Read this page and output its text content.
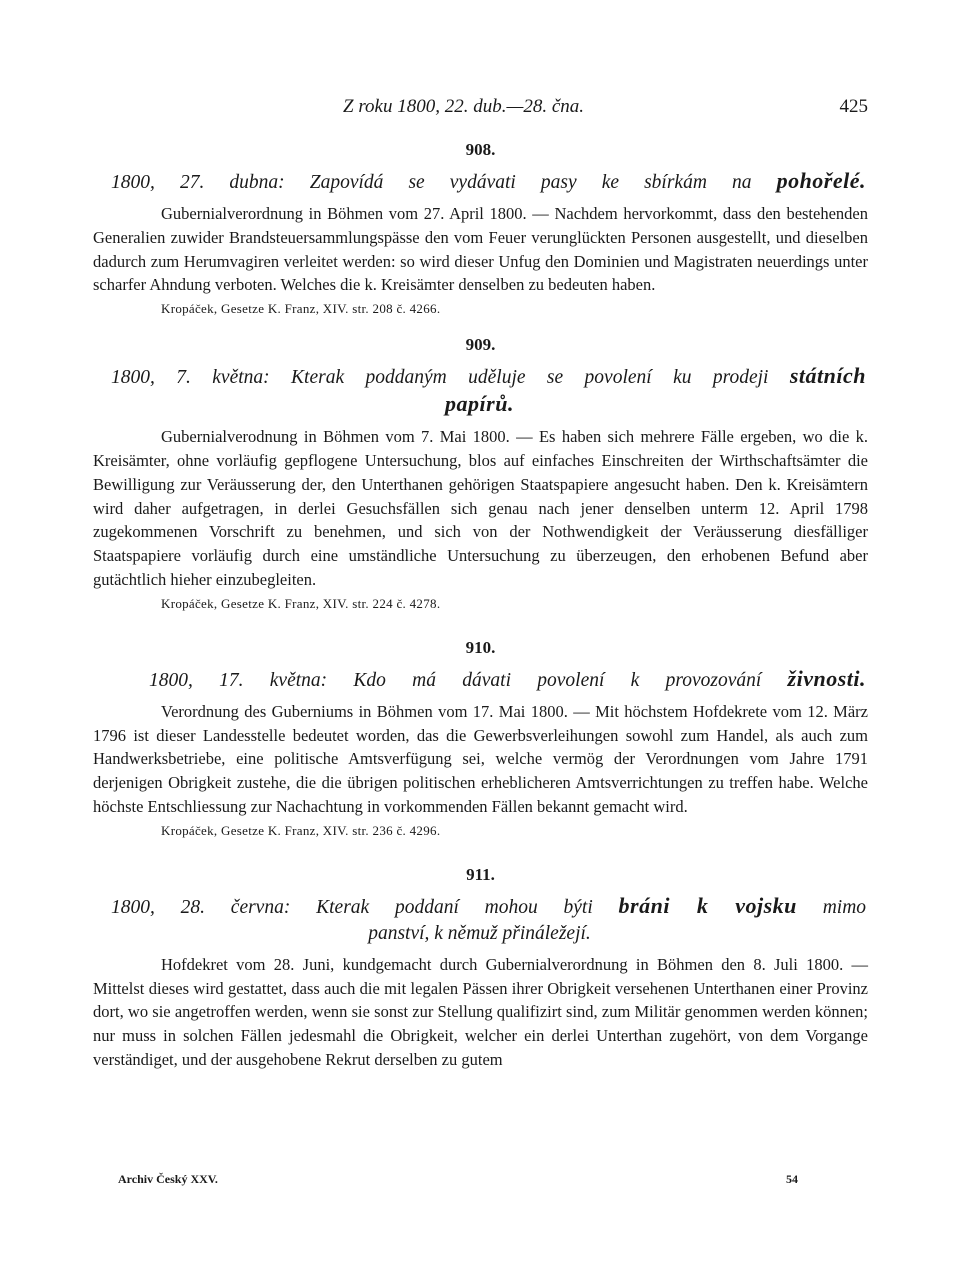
Z roku 1800, 22. dub.—28. čna.	425
908.
1800, 27. dubna: Zapovídá se vydávati pasy ke sbírkám na pohořelé.

Gubernialverordnung in Böhmen vom 27. April 1800. — Nachdem hervorkommt, dass den bestehenden Generalien zuwider Brandsteuersammlungspässe den vom Feuer verunglückten Personen ausgestellt, und dieselben dadurch zum Herumvagiren verleitet werden: so wird dieser Unfug den Dominien und Magistraten neuerdings unter scharfer Ahndung verboten. Welches die k. Kreisämter denselben zu bedeuten haben.

Kropáček, Gesetze K. Franz, XIV. str. 208 č. 4266.
909.
1800, 7. května: Kterak poddaným uděluje se povolení ku prodeji státních
papírů.

Gubernialverodnung in Böhmen vom 7. Mai 1800. — Es haben sich mehrere Fälle ergeben, wo die k. Kreisämter, ohne vorläufig gepflogene Untersuchung, blos auf einfaches Einschreiten der Wirthschaftsämter die Bewilligung zur Veräusserung der, den Unterthanen gehörigen Staatspapiere angesucht haben. Den k. Kreisämtern wird daher aufgetragen, in derlei Gesuchsfällen sich genau nach jener denselben unterm 12. April 1798 zugekommenen Vorschrift zu benehmen, und sich von der Nothwendigkeit der Veräusserung diesfälliger Staatspapiere vorläufig durch eine umständliche Untersuchung zu überzeugen, den erhobenen Befund aber gutächtlich hieher einzubegleiten.

Kropáček, Gesetze K. Franz, XIV. str. 224 č. 4278.
910.
1800, 17. května: Kdo má dávati povolení k provozování živnosti.

Verordnung des Guberniums in Böhmen vom 17. Mai 1800. — Mit höchstem Hofdekrete vom 12. März 1796 ist dieser Landesstelle bedeutet worden, das die Gewerbsverleihungen sowohl zum Handel, als auch zum Handwerksbetriebe, eine politische Amtsverfügung sei, welche vermög der Verordnungen vom Jahre 1791 derjenigen Obrigkeit zustehe, die die übrigen politischen erheblicheren Amtsverrichtungen zu treffen habe. Welche höchste Entschliessung zur Nachachtung in vorkommenden Fällen bekannt gemacht wird.

Kropáček, Gesetze K. Franz, XIV. str. 236 č. 4296.
911.
1800, 28. června: Kterak poddaní mohou býti bráni k vojsku mimo
panství, k němuž přináležejí.

Hofdekret vom 28. Juni, kundgemacht durch Gubernialverordnung in Böhmen den 8. Juli 1800. — Mittelst dieses wird gestattet, dass auch die mit legalen Pässen ihrer Obrigkeit versehenen Unterthanen einer Provinz dort, wo sie angetroffen werden, wenn sie sonst zur Stellung qualifizirt sind, zum Militär genommen werden können; nur muss in solchen Fällen jedesmahl die Obrigkeit, welcher ein derlei Unterthan zugehört, von dem Vorgange verständiget, und der ausgehobene Rekrut derselben zu gutem

Archiv Český XXV.	54
